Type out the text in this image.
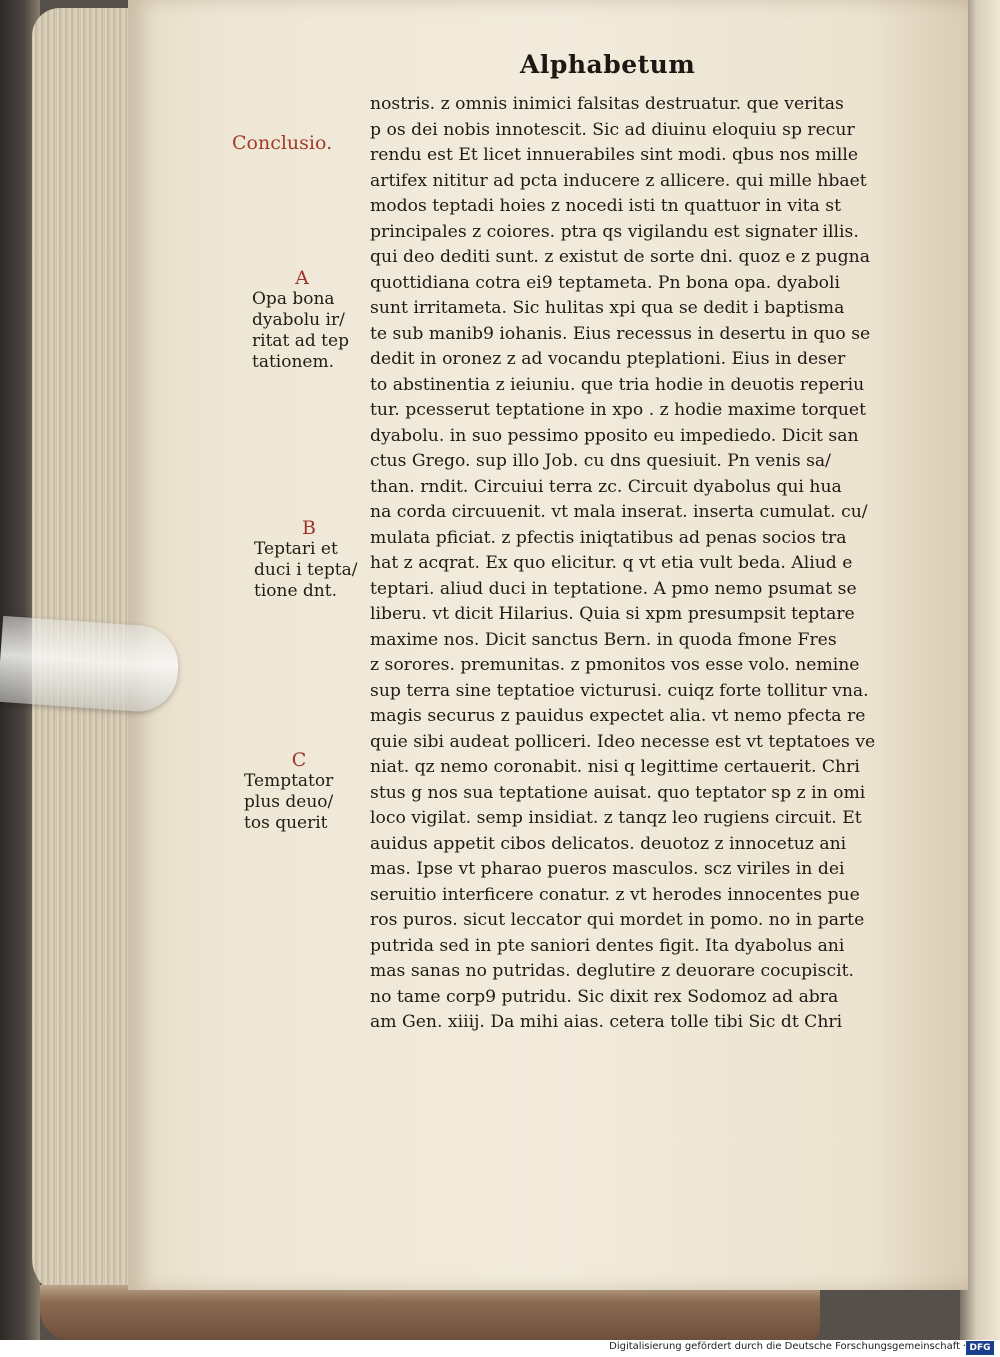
Alphabetum
nostris. z omnis inimici falsitas destruatur. que veritas
p os dei nobis innotescit. Sic ad diuinu eloquiu sp recur
rendu est Et licet innuerabiles sint modi. qbus nos mille
artifex nititur ad pcta inducere z allicere. qui mille hbaet
modos teptadi hoies z nocedi isti tn quattuor in vita st
principales z coiores. ptra qs vigilandu est signater illis.
qui deo dediti sunt. z existut de sorte dni. quoz e z pugna
quottidiana cotra ei9 teptameta. Pn bona opa. dyaboli
sunt irritameta. Sic hulitas xpi qua se dedit i baptisma
te sub manib9 iohanis. Eius recessus in desertu in quo se
dedit in oronez z ad vocandu pteplationi. Eius in deser
to abstinentia z ieiuniu. que tria hodie in deuotis reperiu
tur. pcesserut teptatione in xpo . z hodie maxime torquet
dyabolu. in suo pessimo pposito eu impediedo. Dicit san
ctus Grego. sup illo Job. cu dns quesiuit. Pn venis sa/
than. rndit. Circuiui terra zc. Circuit dyabolus qui hua
na corda circuuenit. vt mala inserat. inserta cumulat. cu/
mulata pficiat. z pfectis iniqtatibus ad penas socios tra
hat z acqrat. Ex quo elicitur. q vt etia vult beda. Aliud e
teptari. aliud duci in teptatione. A pmo nemo psumat se
liberu. vt dicit Hilarius. Quia si xpm presumpsit teptare
maxime nos. Dicit sanctus Bern. in quoda fmone Fres
z sorores. premunitas. z pmonitos vos esse volo. nemine
sup terra sine teptatioe victurusi. cuiqz forte tollitur vna.
magis securus z pauidus expectet alia. vt nemo pfecta re
quie sibi audeat polliceri. Ideo necesse est vt teptatoes ve
niat. qz nemo coronabit. nisi q legittime certauerit. Chri
stus g nos sua teptatione auisat. quo teptator sp z in omi
loco vigilat. semp insidiat. z tanqz leo rugiens circuit. Et
auidus appetit cibos delicatos. deuotoz z innocetuz ani
mas. Ipse vt pharao pueros masculos. scz viriles in dei
seruitio interficere conatur. z vt herodes innocentes pue
ros puros. sicut leccator qui mordet in pomo. no in parte
putrida sed in pte saniori dentes figit. Ita dyabolus ani
mas sanas no putridas. deglutire z deuorare cocupiscit.
no tame corp9 putridu. Sic dixit rex Sodomoz ad abra
am Gen. xiiij. Da mihi aias. cetera tolle tibi Sic dt Chri
Conclusio.
A
Opa bona
dyabolu ir/
ritat ad tep
tationem.
B
Teptari et
duci i tepta/
tione dnt.
C
Temptator
plus deuo/
tos querit
Digitalisierung gefördert durch die Deutsche Forschungsgemeinschaft · DFG
